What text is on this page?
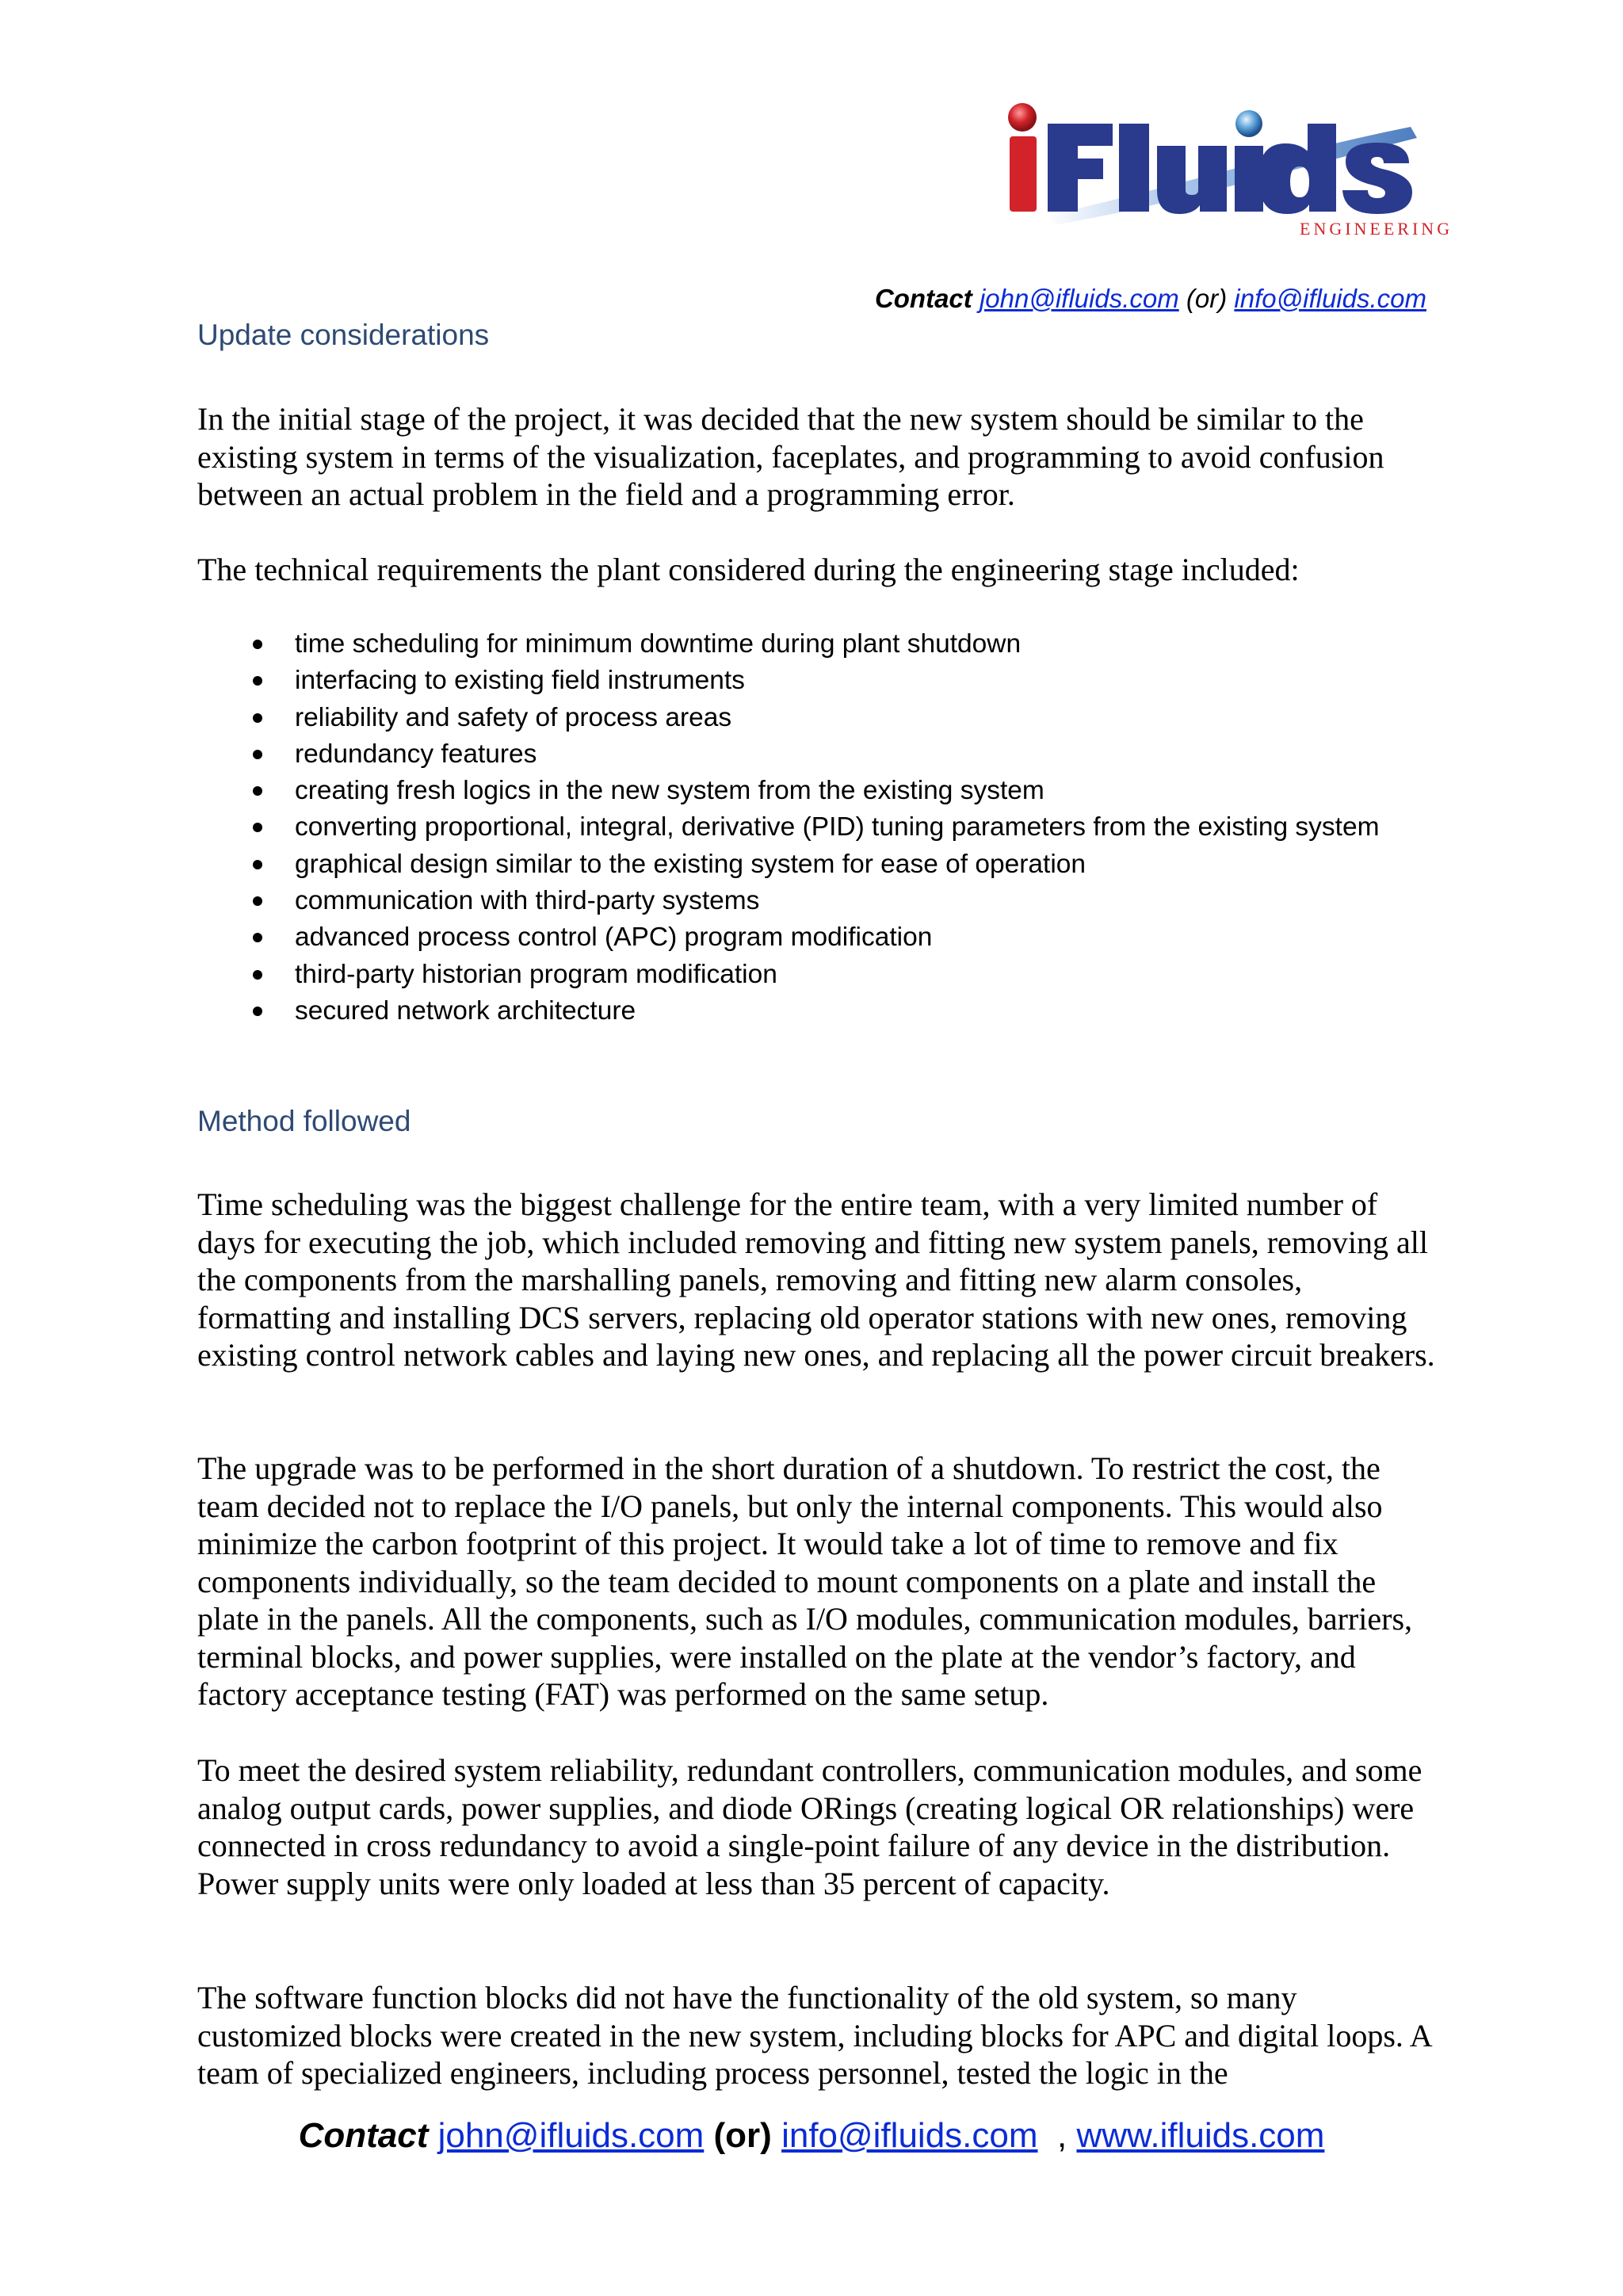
ENGINEERING
Contact john@ifluids.com (or) info@ifluids.com
Update considerations

In the initial stage of the project, it was decided that the new system should be similar to the existing system in terms of the visualization, faceplates, and programming to avoid confusion between an actual problem in the field and a programming error.

The technical requirements the plant considered during the engineering stage included:

time scheduling for minimum downtime during plant shutdown
interfacing to existing field instruments
reliability and safety of process areas
redundancy features
creating fresh logics in the new system from the existing system
converting proportional, integral, derivative (PID) tuning parameters from the existing system
graphical design similar to the existing system for ease of operation
communication with third-party systems
advanced process control (APC) program modification
third-party historian program modification
secured network architecture
Method followed

Time scheduling was the biggest challenge for the entire team, with a very limited number of days for executing the job, which included removing and fitting new system panels, removing all the components from the marshalling panels, removing and fitting new alarm consoles, formatting and installing DCS servers, replacing old operator stations with new ones, removing existing control network cables and laying new ones, and replacing all the power circuit breakers.

The upgrade was to be performed in the short duration of a shutdown. To restrict the cost, the team decided not to replace the I/O panels, but only the internal components. This would also minimize the carbon footprint of this project. It would take a lot of time to remove and fix components individually, so the team decided to mount components on a plate and install the plate in the panels. All the components, such as I/O modules, communication modules, barriers, terminal blocks, and power supplies, were installed on the plate at the vendor’s factory, and factory acceptance testing (FAT) was performed on the same setup.

To meet the desired system reliability, redundant controllers, communication modules, and some analog output cards, power supplies, and diode ORings (creating logical OR relationships) were connected in cross redundancy to avoid a single-point failure of any device in the distribution. Power supply units were only loaded at less than 35 percent of capacity.

The software function blocks did not have the functionality of the old system, so many customized blocks were created in the new system, including blocks for APC and digital loops. A team of specialized engineers, including process personnel, tested the logic in the

Contact john@ifluids.com (or) info@ifluids.com , www.ifluids.com
